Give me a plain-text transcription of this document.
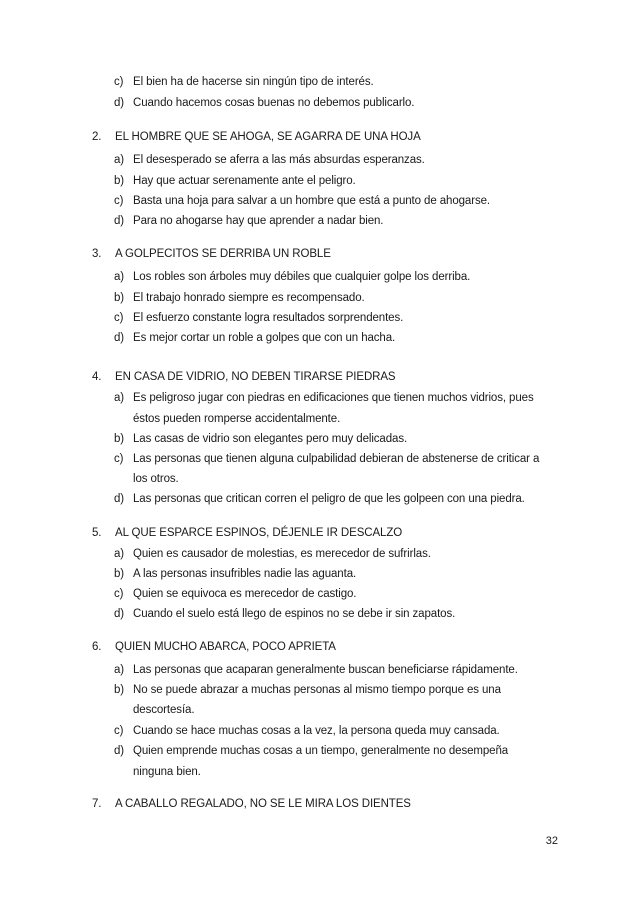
c) El bien ha de hacerse sin ningún tipo de interés.
d) Cuando hacemos cosas buenas no debemos publicarlo.
2. EL HOMBRE QUE SE AHOGA, SE AGARRA DE UNA HOJA
a) El desesperado se aferra a las más absurdas esperanzas.
b) Hay que actuar serenamente ante el peligro.
c) Basta una hoja para salvar a un hombre que está a punto de ahogarse.
d) Para no ahogarse hay que aprender a nadar bien.
3. A GOLPECITOS SE DERRIBA UN ROBLE
a) Los robles son árboles muy débiles que cualquier golpe los derriba.
b) El trabajo honrado siempre es recompensado.
c) El esfuerzo constante logra resultados sorprendentes.
d) Es mejor cortar un roble a golpes que con un hacha.
4. EN CASA DE VIDRIO, NO DEBEN TIRARSE PIEDRAS
a) Es peligroso jugar con piedras en edificaciones que tienen muchos vidrios, pues
éstos pueden romperse accidentalmente.
b) Las casas de vidrio son elegantes pero muy delicadas.
c) Las personas que tienen alguna culpabilidad debieran de abstenerse de criticar a
los otros.
d) Las personas que critican corren el peligro de que les golpeen con una piedra.
5. AL QUE ESPARCE ESPINOS, DÉJENLE IR DESCALZO
a) Quien es causador de molestias, es merecedor de sufrirlas.
b) A las personas insufribles nadie las aguanta.
c) Quien se equivoca es merecedor de castigo.
d) Cuando el suelo está llego de espinos no se debe ir sin zapatos.
6. QUIEN MUCHO ABARCA, POCO APRIETA
a) Las personas que acaparan generalmente buscan beneficiarse rápidamente.
b) No se puede abrazar a muchas personas al mismo tiempo porque es una
descortesía.
c) Cuando se hace muchas cosas a la vez, la persona queda muy cansada.
d) Quien emprende muchas cosas a un tiempo, generalmente no desempeña
ninguna bien.
7. A CABALLO REGALADO, NO SE LE MIRA LOS DIENTES
32
